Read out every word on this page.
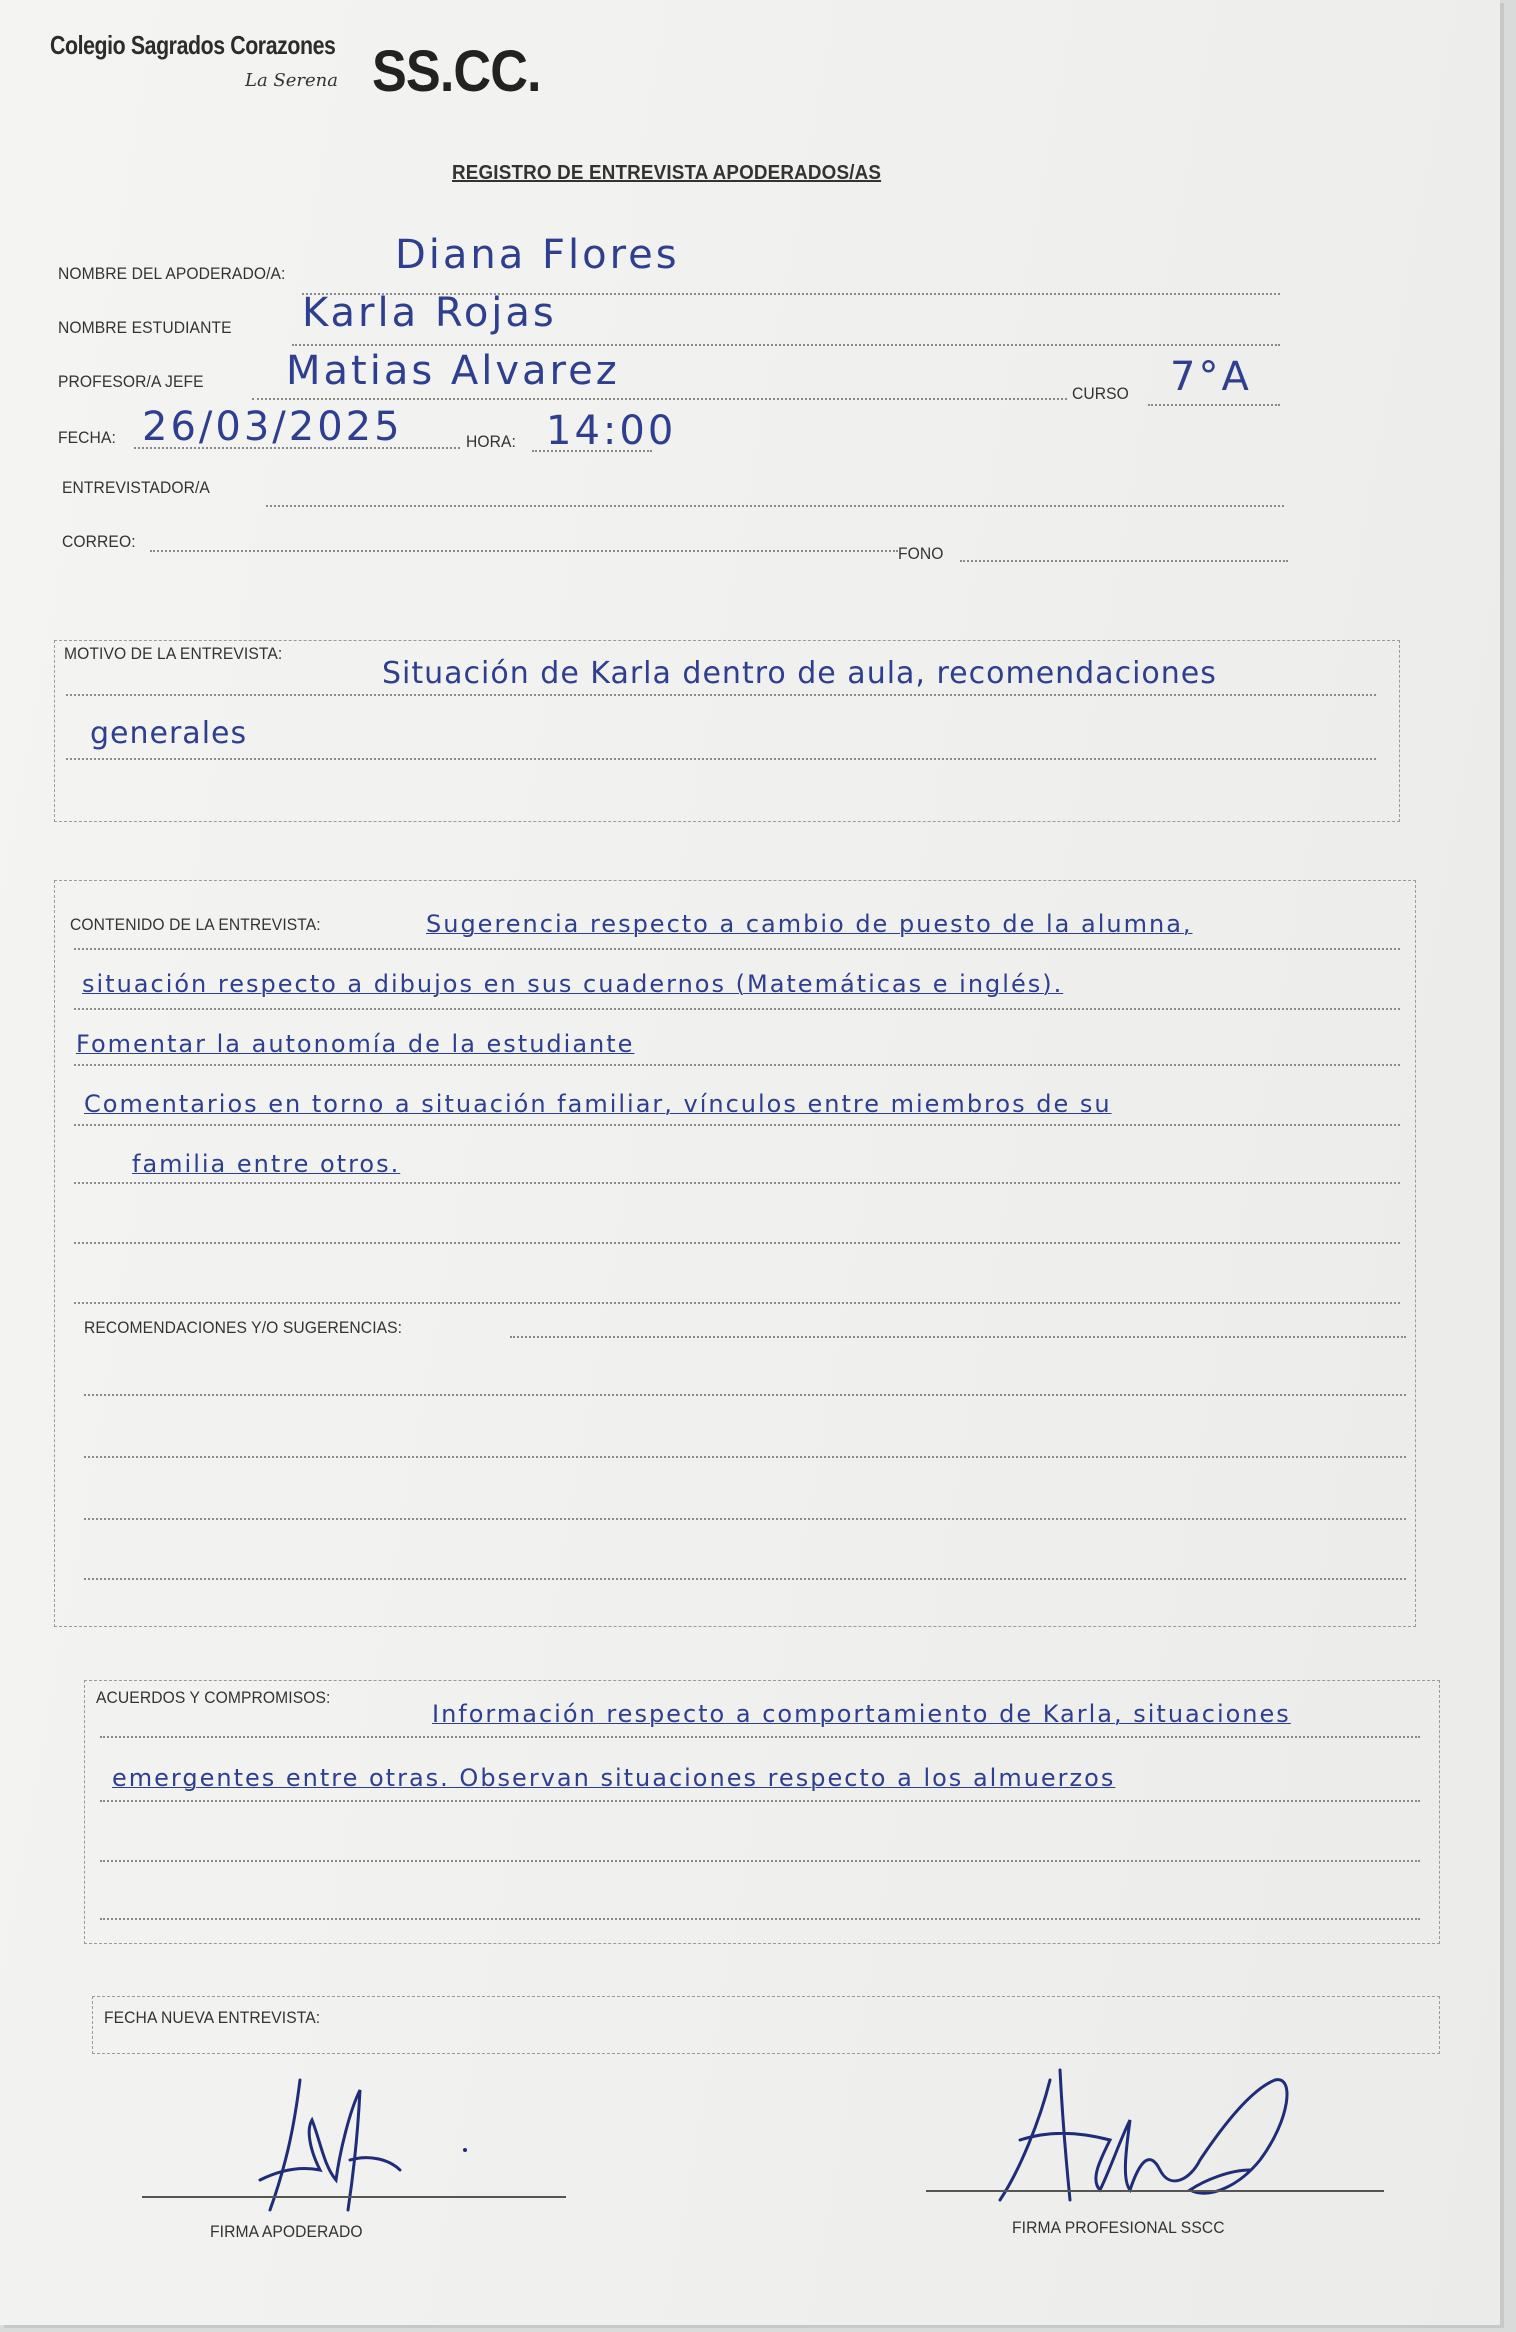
Colegio Sagrados Corazones
La Serena SS.CC.
REGISTRO DE ENTREVISTA APODERADOS/AS
NOMBRE DEL APODERADO/A:	Diana Flores
NOMBRE ESTUDIANTE Karla Rojas
PROFESOR/A JEFE Matias Alvarez	CURSO 7°A
FECHA: 26/03/2025	HORA: 14:00
ENTREVISTADOR/A
CORREO:
FONO
MOTIVO DE LA ENTREVISTA:
Situación de Karla dentro de aula, recomendaciones
generales
CONTENIDO DE LA ENTREVISTA:	Sugerencia respecto a cambio de puesto de la alumna,
situación respecto a dibujos en sus cuadernos (Matemáticas e inglés).
Fomentar la autonomía de la estudiante
Comentarios en torno a situación familiar, vínculos entre miembros de su
familia entre otros.
RECOMENDACIONES Y/O SUGERENCIAS:
ACUERDOS Y COMPROMISOS:
Información respecto a comportamiento de Karla, situaciones
emergentes entre otras. Observan situaciones respecto a los almuerzos
FECHA NUEVA ENTREVISTA:
FIRMA APODERADO	FIRMA PROFESIONAL SSCC
